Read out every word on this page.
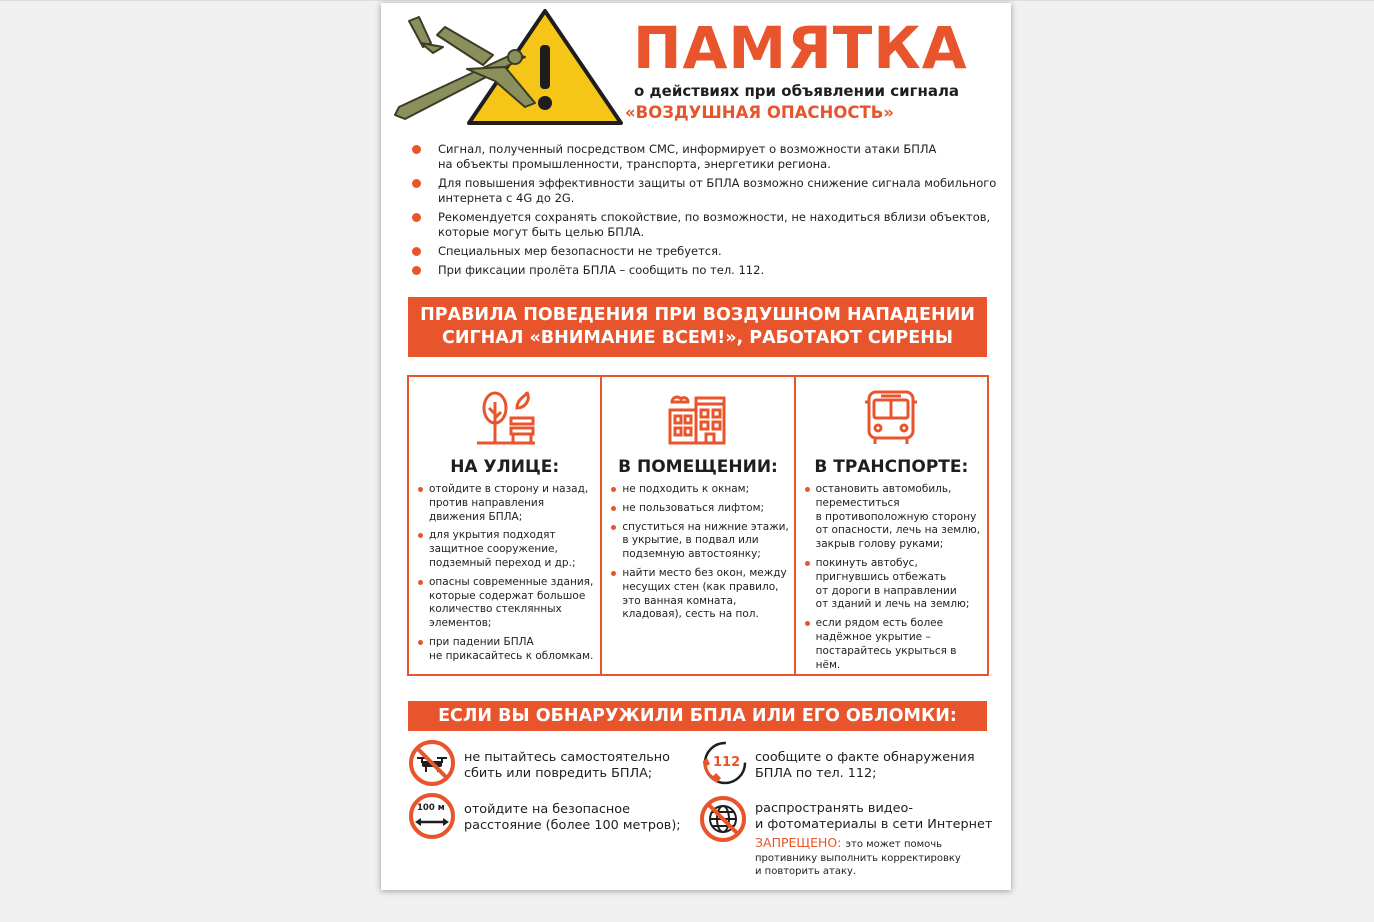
ПАМЯТКА
о действиях при объявлении сигнала
«ВОЗДУШНАЯ ОПАСНОСТЬ»
Сигнал, полученный посредством СМС, информирует о возможности атаки БПЛА
на объекты промышленности, транспорта, энергетики региона.
Для повышения эффективности защиты от БПЛА возможно снижение сигнала мобильного
интернета с 4G до 2G.
Рекомендуется сохранять спокойствие, по возможности, не находиться вблизи объектов,
которые могут быть целью БПЛА.
Специальных мер безопасности не требуется.
При фиксации пролёта БПЛА – сообщить по тел. 112.
ПРАВИЛА ПОВЕДЕНИЯ ПРИ ВОЗДУШНОМ НАПАДЕНИИ
СИГНАЛ «ВНИМАНИЕ ВСЕМ!», РАБОТАЮТ СИРЕНЫ
НА УЛИЦЕ:
отойдите в сторону и назад,
против направления
движения БПЛА;
для укрытия подходят
защитное сооружение,
подземный переход и др.;
опасны современные здания,
которые содержат большое
количество стеклянных
элементов;
при падении БПЛА
не прикасайтесь к обломкам.
В ПОМЕЩЕНИИ:
не подходить к окнам;
не пользоваться лифтом;
спуститься на нижние этажи,
в укрытие, в подвал или
подземную автостоянку;
найти место без окон, между
несущих стен (как правило,
это ванная комната,
кладовая), сесть на пол.
В ТРАНСПОРТЕ:
остановить автомобиль,
переместиться
в противоположную сторону
от опасности, лечь на землю,
закрыв голову руками;
покинуть автобус,
пригнувшись отбежать
от дороги в направлении
от зданий и лечь на землю;
если рядом есть более
надёжное укрытие –
постарайтесь укрыться в нём.
ЕСЛИ ВЫ ОБНАРУЖИЛИ БПЛА ИЛИ ЕГО ОБЛОМКИ:
не пытайтесь самостоятельно
сбить или повредить БПЛА;
100 м отойдите на безопасное
расстояние (более 100 метров);
112 сообщите о факте обнаружения
БПЛА по тел. 112;
распространять видео-
и фотоматериалы в сети Интернет
ЗАПРЕЩЕНО: это может помочь
противнику выполнить корректировку
и повторить атаку.
